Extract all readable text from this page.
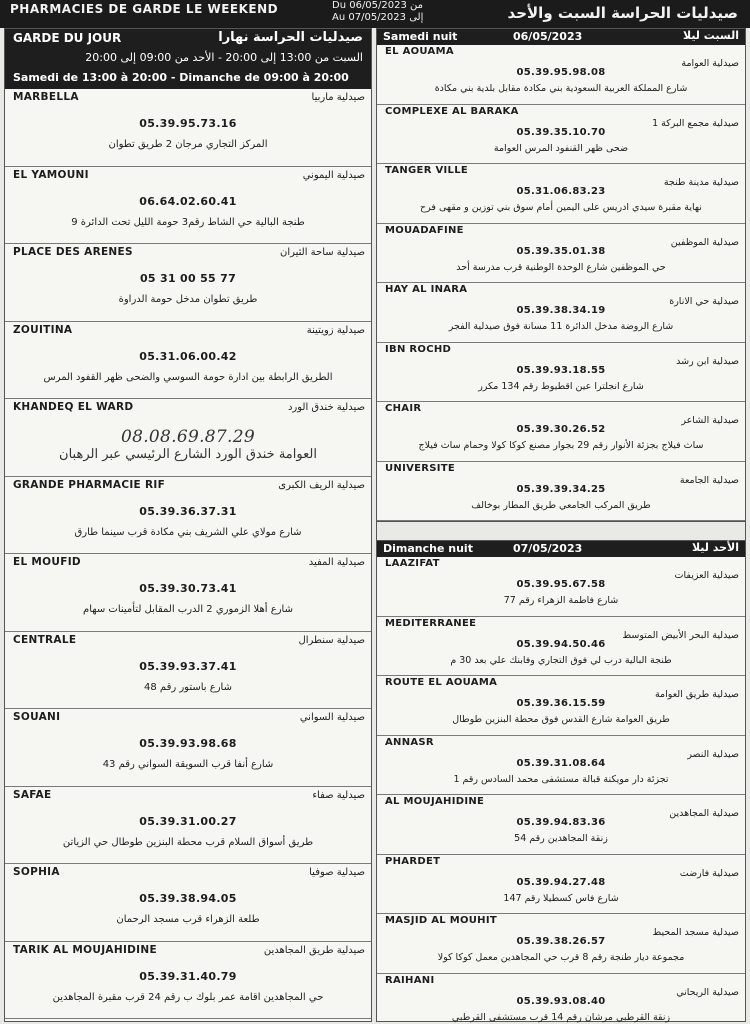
PHARMACIES DE GARDE LE WEEKEND	Du 06/05/2023 من
Au 07/05/2023 إلى	صيدليات الحراسة السبت والأحد
GARDE DU JOUR	صيدليات الحراسة نهارا
السبت من 13:00 إلى 20:00 - الأحد من 09:00 إلى 20:00
Samedi de 13:00 à 20:00 - Dimanche de 09:00 à 20:00
MARBELLA	صيدلية ماربيا
05.39.95.73.16
المركز التجاري مرجان 2 طريق تطوان
EL YAMOUNI	صيدلية اليموني
06.64.02.60.41
طنجة البالية حي الشاط رقم3 حومة الليل تحت الدائرة 9
PLACE DES ARENES	صيدلية ساحة الثيران
05 31 00 55 77
طريق تطوان مدخل حومة الدراوة
ZOUITINA	صيدلية زويتينة
05.31.06.00.42
الطريق الرابطة بين ادارة حومة السوسي والضحى ظهر القفود المرس
KHANDEQ EL WARD	صيدلية خندق الورد
08.08.69.87.29
العوامة خندق الورد الشارع الرئيسي عبر الرهبان
GRANDE PHARMACIE RIF	صيدلية الريف الكبرى
05.39.36.37.31
شارع مولاي علي الشريف بني مكادة قرب سينما طارق
EL MOUFID	صيدلية المفيد
05.39.30.73.41
شارع أهلا الزموري 2 الدرب المقابل لتأمينات سهام
CENTRALE	صيدلية سنطرال
05.39.93.37.41
شارع باستور رقم 48
SOUANI	صيدلية السواني
05.39.93.98.68
شارع أنفا قرب السويقة السواني رقم 43
SAFAE	صيدلية صفاء
05.39.31.00.27
طريق أسواق السلام قرب محطة البنزين طوطال حي الزياتن
SOPHIA	صيدلية صوفيا
05.39.38.94.05
طلعة الزهراء قرب مسجد الرحمان
TARIK AL MOUJAHIDINE	صيدلية طريق المجاهدين
05.39.31.40.79
حي المجاهدين اقامة عمر بلوك ب رقم 24 قرب مقبرة المجاهدين
Samedi nuit	06/05/2023	السبت ليلا
EL AOUAMA
صيدلية العوامة
05.39.95.98.08
شارع المملكة العربية السعودية بني مكادة مقابل بلدية بني مكادة
COMPLEXE AL BARAKA
صيدلية مجمع البركة 1
05.39.35.10.70
ضحى ظهر القنفود المرس العوامة
TANGER VILLE
صيدلية مدينة طنجة
05.31.06.83.23
نهاية مقبرة سيدي ادريس على اليمين أمام سوق بني توزين و مقهى فرح
MOUADAFINE
صيدلية الموظفين
05.39.35.01.38
حي الموظفين شارع الوحدة الوطنية قرب مدرسة أحد
HAY AL INARA
صيدلية حي الانارة
05.39.38.34.19
شارع الروضة مدخل الدائرة 11 مسانة فوق صيدلية الفجر
IBN ROCHD
صيدلية ابن رشد
05.39.93.18.55
شارع انجلترا عين اقطيوط رقم 134 مكرر
CHAIR
صيدلية الشاعر
05.39.30.26.52
ساث فيلاج بجزئة الأنوار رقم 29 بجوار مصنع كوكا كولا وحمام ساث فيلاج
UNIVERSITE
صيدلية الجامعة
05.39.39.34.25
طريق المركب الجامعي طريق المطار بوخالف
Dimanche nuit	07/05/2023	الأحد ليلا
LAAZIFAT
صيدلية العزيفات
05.39.95.67.58
شارع فاطمة الزهراء رقم 77
MEDITERRANEE
صيدلية البحر الأبيض المتوسط
05.39.94.50.46
طنجة البالية درب لي فوق التجاري وفابنك علي بعد 30 م
ROUTE EL AOUAMA
صيدلية طريق العوامة
05.39.36.15.59
طريق العوامة شارع القدس فوق محطة البنزين طوطال
ANNASR
صيدلية النصر
05.39.31.08.64
تجزئة دار مويكنة قبالة مستشفى محمد السادس رقم 1
AL MOUJAHIDINE
صيدلية المجاهدين
05.39.94.83.36
زنقة المجاهدين رقم 54
PHARDET
صيدلية فارضت
05.39.94.27.48
شارع فاس كسطيلا رقم 147
MASJID AL MOUHIT
صيدلية مسجد المحيط
05.39.38.26.57
مجموعة ديار طنجة رقم 8 قرب حي المجاهدين معمل كوكا كولا
RAIHANI
صيدلية الريحاني
05.39.93.08.40
زنقة القرطبي مرشان رقم 14 قرب مستشفى القرطبي
